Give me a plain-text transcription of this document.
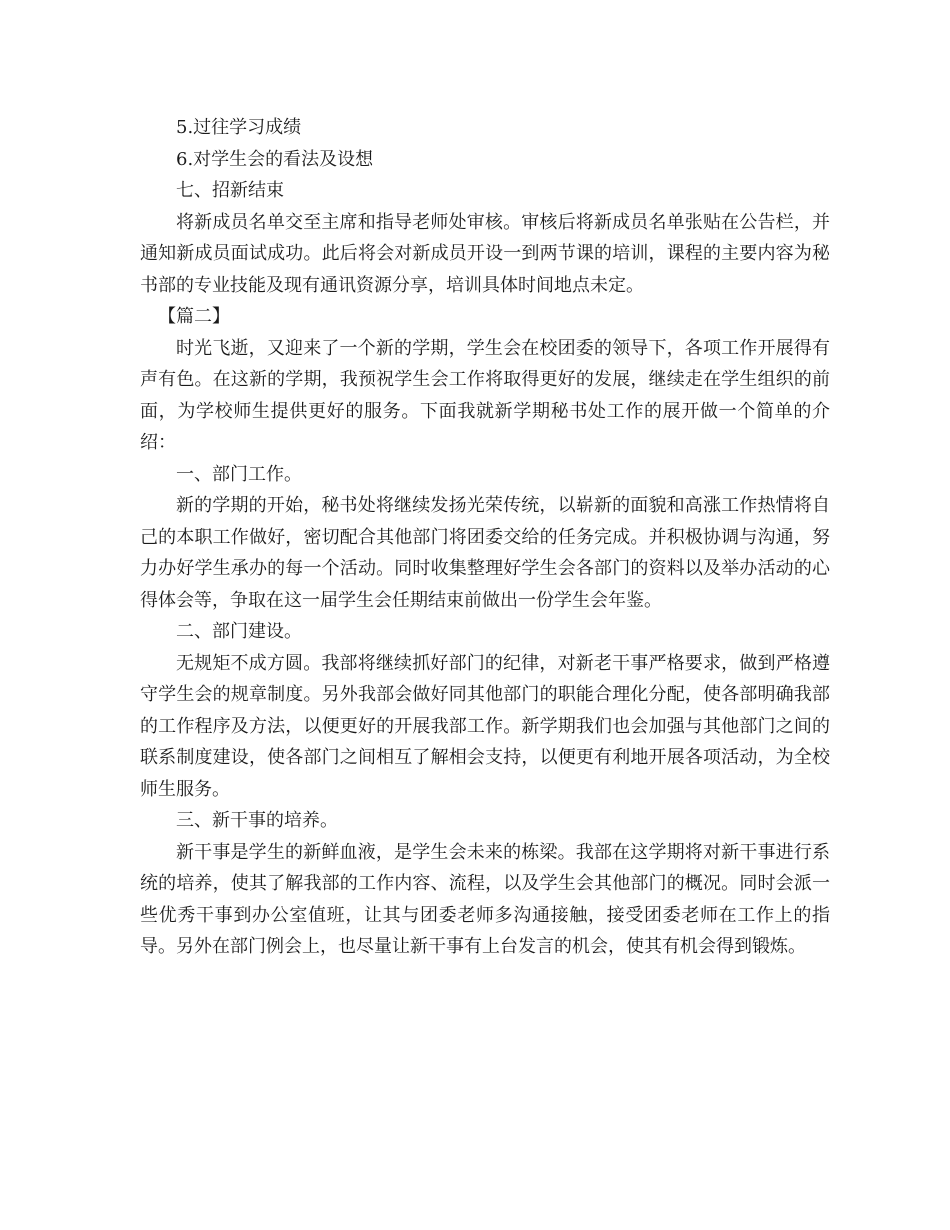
5.过往学习成绩

6.对学生会的看法及设想

七、招新结束

将新成员名单交至主席和指导老师处审核。审核后将新成员名单张贴在公告栏，并通知新成员面试成功。此后将会对新成员开设一到两节课的培训，课程的主要内容为秘书部的专业技能及现有通讯资源分享，培训具体时间地点未定。

【篇二】

时光飞逝，又迎来了一个新的学期，学生会在校团委的领导下，各项工作开展得有声有色。在这新的学期，我预祝学生会工作将取得更好的发展，继续走在学生组织的前面，为学校师生提供更好的服务。下面我就新学期秘书处工作的展开做一个简单的介绍：

一、部门工作。

新的学期的开始，秘书处将继续发扬光荣传统，以崭新的面貌和高涨工作热情将自己的本职工作做好，密切配合其他部门将团委交给的任务完成。并积极协调与沟通，努力办好学生承办的每一个活动。同时收集整理好学生会各部门的资料以及举办活动的心得体会等，争取在这一届学生会任期结束前做出一份学生会年鉴。

二、部门建设。

无规矩不成方圆。我部将继续抓好部门的纪律，对新老干事严格要求，做到严格遵守学生会的规章制度。另外我部会做好同其他部门的职能合理化分配，使各部明确我部的工作程序及方法，以便更好的开展我部工作。新学期我们也会加强与其他部门之间的联系制度建设，使各部门之间相互了解相会支持，以便更有利地开展各项活动，为全校师生服务。

三、新干事的培养。

新干事是学生的新鲜血液，是学生会未来的栋梁。我部在这学期将对新干事进行系统的培养，使其了解我部的工作内容、流程，以及学生会其他部门的概况。同时会派一些优秀干事到办公室值班，让其与团委老师多沟通接触，接受团委老师在工作上的指导。另外在部门例会上，也尽量让新干事有上台发言的机会，使其有机会得到锻炼。
